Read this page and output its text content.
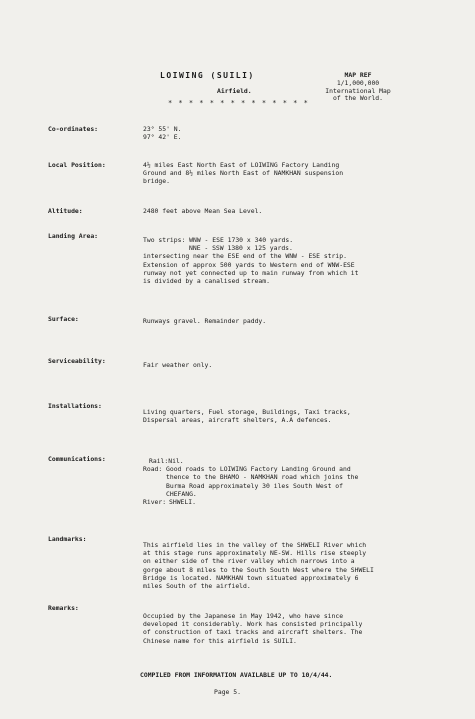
LOIWING (SUILI)
Airfield.
* * * * * * * * * * * * * *
MAP REF
1/1,000,000
International Map
of the World.
Co-ordinates:	23° 55' N.
97° 42' E.
Local Position:	4½ miles East North East of LOIWING Factory Landing
Ground and 8½ miles North East of NAMKHAN suspension
bridge.
Altitude:	2480 feet above Mean Sea Level.
Landing Area:	Two strips: WNW - ESE 1730 x 340 yards.
NNE - SSW 1380 x 125 yards.
intersecting near the ESE end of the WNW - ESE strip.
Extension of approx 500 yards to Western end of WNW-ESE
runway not yet connected up to main runway from which it
is divided by a canalised stream.
Surface:	Runways gravel. Remainder paddy.
Serviceability:	Fair weather only.
Installations:
Living quarters, Fuel storage, Buildings, Taxi tracks,
Dispersal areas, aircraft shelters, A.A defences.
Communications:	Rail: Nil.
Road: Good roads to LOIWING Factory Landing Ground and
thence to the BHAMO - NAMKHAN road which joins the
Burma Road approximately 30 iles South West of
CHEFANG.
River: SHWELI.
Landmarks:
This airfield lies in the valley of the SHWELI River which
at this stage runs approximately NE-SW. Hills rise steeply
on either side of the river valley which narrows into a
gorge about 8 miles to the South South West where the SHWELI
Bridge is located. NAMKHAN town situated approximately 6
miles South of the airfield.
Remarks:
Occupied by the Japanese in May 1942, who have since
developed it considerably. Work has consisted principally
of construction of taxi tracks and aircraft shelters. The
Chinese name for this airfield is SUILI.
COMPILED FROM INFORMATION AVAILABLE UP TO 10/4/44.
Page 5.
